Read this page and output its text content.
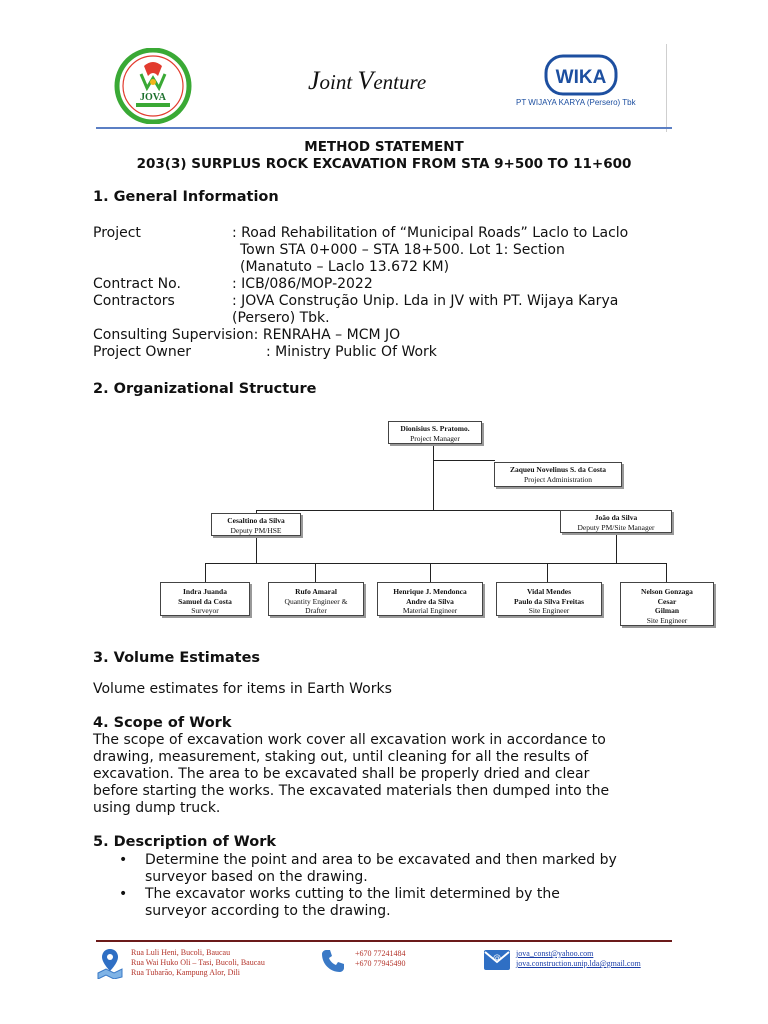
JOVA
Joint Venture	WIKA
PT WIJAYA KARYA (Persero) Tbk
METHOD STATEMENT
203(3) SURPLUS ROCK EXCAVATION FROM STA 9+500 TO 11+600
1. General Information
Project	: Road Rehabilitation of “Municipal Roads” Laclo to Laclo
Town STA 0+000 – STA 18+500. Lot 1: Section
(Manatuto – Laclo 13.672 KM)
Contract No.	: ICB/086/MOP-2022
Contractors	: JOVA Construção Unip. Lda in JV with PT. Wijaya Karya
(Persero) Tbk.
Consulting Supervision: RENRAHA – MCM JO
Project Owner	: Ministry Public Of Work
2. Organizational Structure
Dionisius S. Pratomo.
Project Manager
Zaqueu Novelinus S. da Costa
Project Administration
Cesaltino da Silva
Deputy PM/HSE
João da Silva
Deputy PM/Site Manager
Indra Juanda
Samuel da Costa
Surveyor
Rufo Amaral
Quantity Engineer &
Drafter
Henrique J. Mendonca
Andre da Silva
Material Engineer
Vidal Mendes
Paulo da Silva Freitas
Site Engineer
Nelson Gonzaga
Cesar
Gilman
Site Engineer
3. Volume Estimates
Volume estimates for items in Earth Works
4. Scope of Work
The scope of excavation work cover all excavation work in accordance to
drawing, measurement, staking out, until cleaning for all the results of
excavation. The area to be excavated shall be properly dried and clear
before starting the works. The excavated materials then dumped into the
using dump truck.
5. Description of Work
• Determine the point and area to be excavated and then marked by
surveyor based on the drawing.
• The excavator works cutting to the limit determined by the
surveyor according to the drawing.
Rua Luli Heni, Bucoli, Baucau
Rua Wai Huko Oli – Tasi, Bucoli, Baucau
Rua Tubarão, Kampung Alor, Dili
+670 77241484
+670 77945490
@ jova_const@yahoo.com
jova.construction.unip.lda@gmail.com
